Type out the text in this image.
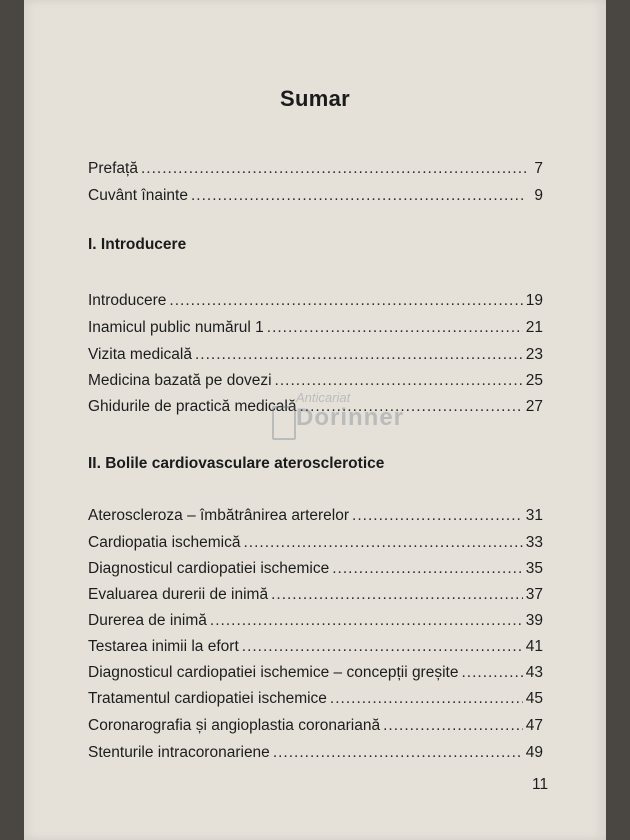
Sumar
Prefață .....	7
Cuvânt înainte .....	9
I. Introducere
Introducere .....	19
Inamicul public numărul 1 .....	21
Vizita medicală .....	23
Medicina bazată pe dovezi .....	25
Ghidurile de practică medicală .....	27
II. Bolile cardiovasculare aterosclerotice
Ateroscleroza – îmbătrânirea arterelor .....	31
Cardiopatia ischemică .....	33
Diagnosticul cardiopatiei ischemice .....	35
Evaluarea durerii de inimă .....	37
Durerea de inimă .....	39
Testarea inimii la efort .....	41
Diagnosticul cardiopatiei ischemice – concepții greșite .....	43
Tratamentul cardiopatiei ischemice .....	45
Coronarografia și angioplastia coronariană .....	47
Stenturile intracoronariene .....	49
11
Anticariat
Dorinner
